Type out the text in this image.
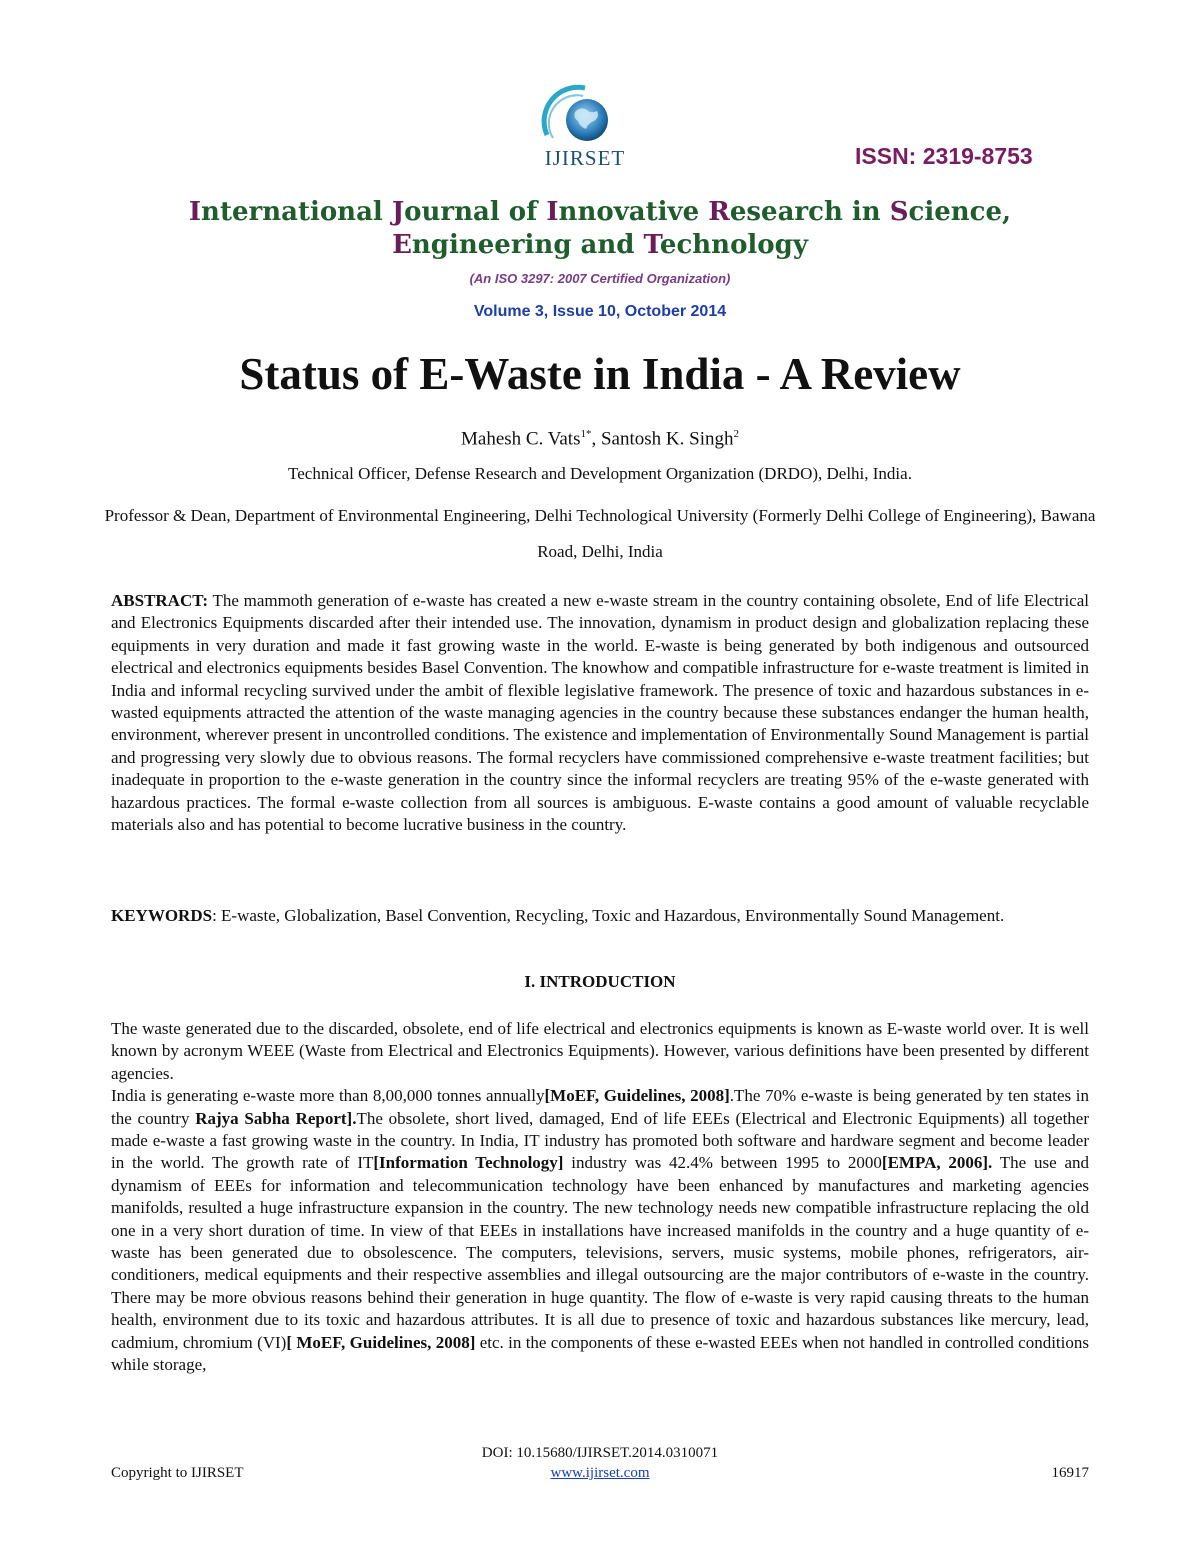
IJIRSET	ISSN: 2319-8753
International Journal of Innovative Research in Science,
Engineering and Technology
(An ISO 3297: 2007 Certified Organization)
Volume 3, Issue 10, October 2014
Status of E-Waste in India - A Review
Mahesh C. Vats$^{1*}$, Santosh K. Singh$^2$
Technical Officer, Defense Research and Development Organization (DRDO), Delhi, India.
Professor & Dean, Department of Environmental Engineering, Delhi Technological University (Formerly Delhi College of Engineering), Bawana Road, Delhi, India
ABSTRACT: The mammoth generation of e-waste has created a new e-waste stream in the country containing obsolete, End of life Electrical and Electronics Equipments discarded after their intended use. The innovation, dynamism in product design and globalization replacing these equipments in very duration and made it fast growing waste in the world. E-waste is being generated by both indigenous and outsourced electrical and electronics equipments besides Basel Convention. The knowhow and compatible infrastructure for e-waste treatment is limited in India and informal recycling survived under the ambit of flexible legislative framework. The presence of toxic and hazardous substances in e-wasted equipments attracted the attention of the waste managing agencies in the country because these substances endanger the human health, environment, wherever present in uncontrolled conditions. The existence and implementation of Environmentally Sound Management is partial and progressing very slowly due to obvious reasons. The formal recyclers have commissioned comprehensive e-waste treatment facilities; but inadequate in proportion to the e-waste generation in the country since the informal recyclers are treating 95% of the e-waste generated with hazardous practices. The formal e-waste collection from all sources is ambiguous. E-waste contains a good amount of valuable recyclable materials also and has potential to become lucrative business in the country.
KEYWORDS: E-waste, Globalization, Basel Convention, Recycling, Toxic and Hazardous, Environmentally Sound Management.
I. INTRODUCTION

The waste generated due to the discarded, obsolete, end of life electrical and electronics equipments is known as E-waste world over. It is well known by acronym WEEE (Waste from Electrical and Electronics Equipments). However, various definitions have been presented by different agencies.

India is generating e-waste more than 8,00,000 tonnes annually[MoEF, Guidelines, 2008].The 70% e-waste is being generated by ten states in the country Rajya Sabha Report].The obsolete, short lived, damaged, End of life EEEs (Electrical and Electronic Equipments) all together made e-waste a fast growing waste in the country. In India, IT industry has promoted both software and hardware segment and become leader in the world. The growth rate of IT[Information Technology] industry was 42.4% between 1995 to 2000[EMPA, 2006]. The use and dynamism of EEEs for information and telecommunication technology have been enhanced by manufactures and marketing agencies manifolds, resulted a huge infrastructure expansion in the country. The new technology needs new compatible infrastructure replacing the old one in a very short duration of time. In view of that EEEs in installations have increased manifolds in the country and a huge quantity of e-waste has been generated due to obsolescence. The computers, televisions, servers, music systems, mobile phones, refrigerators, air-conditioners, medical equipments and their respective assemblies and illegal outsourcing are the major contributors of e-waste in the country. There may be more obvious reasons behind their generation in huge quantity. The flow of e-waste is very rapid causing threats to the human health, environment due to its toxic and hazardous attributes. It is all due to presence of toxic and hazardous substances like mercury, lead, cadmium, chromium (VI)[ MoEF, Guidelines, 2008] etc. in the components of these e-wasted EEEs when not handled in controlled conditions while storage,

DOI: 10.15680/IJIRSET.2014.0310071
Copyright to IJIRSET	www.ijirset.com	16917
